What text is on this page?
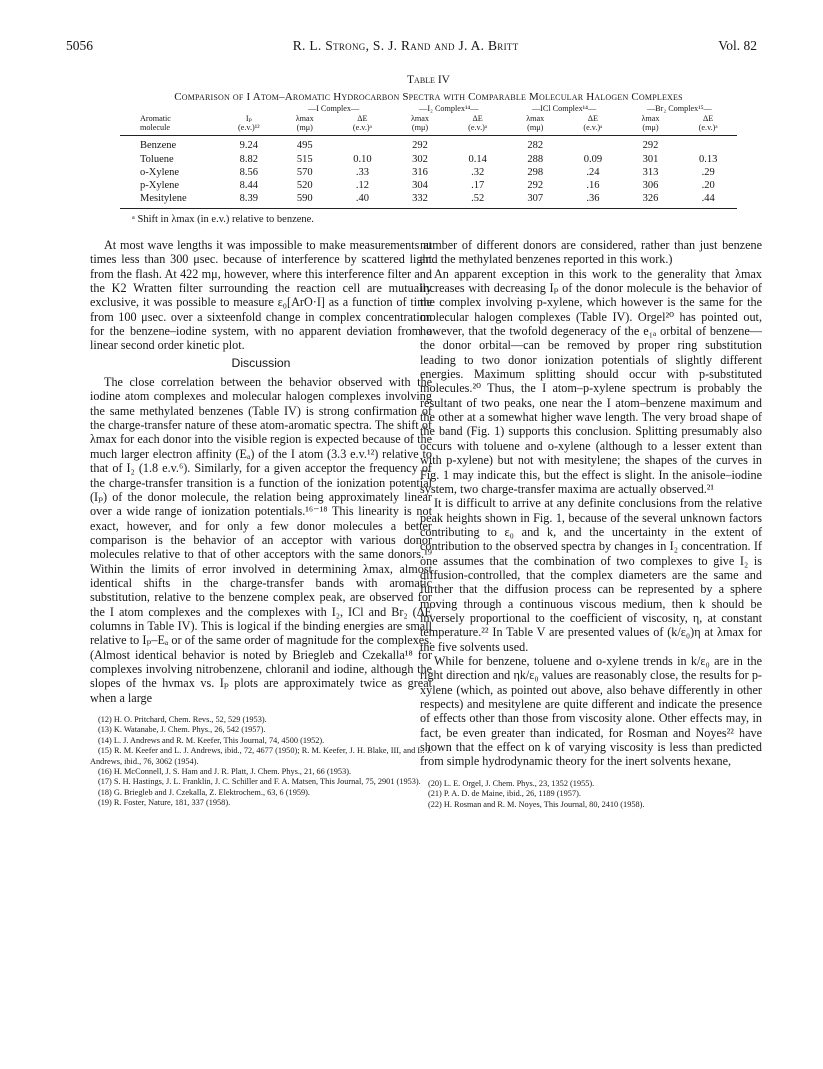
5056	R. L. Strong, S. J. Rand and J. A. Britt	Vol. 82
Table IV
Comparison of I Atom–Aromatic Hydrocarbon Spectra with Comparable Molecular Halogen Complexes
		—I Complex—		—I₂ Complex¹⁴—		—ICl Complex¹⁴—		—Br₂ Complex¹⁵—	
Aromatic	Iₚ	λmax	ΔE	λmax	ΔE	λmax	ΔE	λmax	ΔE
molecule	(e.v.)¹²	(mμ)	(e.v.)ᵃ	(mμ)	(e.v.)ᵃ	(mμ)	(e.v.)ᵃ	(mμ)	(e.v.)ᵃ
Benzene	9.24	495		292		282		292	
Toluene	8.82	515	0.10	302	0.14	288	0.09	301	0.13
o-Xylene	8.56	570	.33	316	.32	298	.24	313	.29
p-Xylene	8.44	520	.12	304	.17	292	.16	306	.20
Mesitylene	8.39	590	.40	332	.52	307	.36	326	.44
ᵃ Shift in λmax (in e.v.) relative to benzene.

At most wave lengths it was impossible to make measurements at times less than 300 μsec. because of interference by scattered light from the flash. At 422 mμ, however, where this interference filter and the K2 Wratten filter surrounding the reaction cell are mutually exclusive, it was possible to measure ε₀[ArO·I] as a function of time from 100 μsec. over a sixteenfold change in complex concentration for the benzene–iodine system, with no apparent deviation from a linear second order kinetic plot.

Discussion

The close correlation between the behavior observed with the iodine atom complexes and molecular halogen complexes involving the same methylated benzenes (Table IV) is strong confirmation of the charge-transfer nature of these atom-aromatic spectra. The shift of λmax for each donor into the visible region is expected because of the much larger electron affinity (Eₐ) of the I atom (3.3 e.v.¹²) relative to that of I₂ (1.8 e.v.⁶). Similarly, for a given acceptor the frequency of the charge-transfer transition is a function of the ionization potential (Iₚ) of the donor molecule, the relation being approximately linear over a wide range of ionization potentials.¹⁶⁻¹⁸ This linearity is not exact, however, and for only a few donor molecules a better comparison is the behavior of an acceptor with various donor molecules relative to that of other acceptors with the same donors.¹⁹ Within the limits of error involved in determining λmax, almost identical shifts in the charge-transfer bands with aromatic substitution, relative to the benzene complex peak, are observed for the I atom complexes and the complexes with I₂, ICl and Br₂ (ΔE columns in Table IV). This is logical if the binding energies are small relative to Iₚ–Eₐ or of the same order of magnitude for the complexes. (Almost identical behavior is noted by Briegleb and Czekalla¹⁸ for complexes involving nitrobenzene, chloranil and iodine, although the slopes of the hνmax vs. Iₚ plots are approximately twice as great when a large

(12) H. O. Pritchard, Chem. Revs., 52, 529 (1953).
(13) K. Watanabe, J. Chem. Phys., 26, 542 (1957).
(14) L. J. Andrews and R. M. Keefer, This Journal, 74, 4500 (1952).
(15) R. M. Keefer and L. J. Andrews, ibid., 72, 4677 (1950); R. M. Keefer, J. H. Blake, III, and L. J. Andrews, ibid., 76, 3062 (1954).
(16) H. McConnell, J. S. Ham and J. R. Platt, J. Chem. Phys., 21, 66 (1953).
(17) S. H. Hastings, J. L. Franklin, J. C. Schiller and F. A. Matsen, This Journal, 75, 2901 (1953).
(18) G. Briegleb and J. Czekalla, Z. Elektrochem., 63, 6 (1959).
(19) R. Foster, Nature, 181, 337 (1958).

number of different donors are considered, rather than just benzene and the methylated benzenes reported in this work.)

An apparent exception in this work to the generality that λmax increases with decreasing Iₚ of the donor molecule is the behavior of the complex involving p-xylene, which however is the same for the molecular halogen complexes (Table IV). Orgel²⁰ has pointed out, however, that the twofold degeneracy of the e₁ₐ orbital of benzene—the donor orbital—can be removed by proper ring substitution leading to two donor ionization potentials of slightly different energies. Maximum splitting should occur with p-substituted molecules.²⁰ Thus, the I atom–p-xylene spectrum is probably the resultant of two peaks, one near the I atom–benzene maximum and the other at a somewhat higher wave length. The very broad shape of the band (Fig. 1) supports this conclusion. Splitting presumably also occurs with toluene and o-xylene (although to a lesser extent than with p-xylene) but not with mesitylene; the shapes of the curves in Fig. 1 may indicate this, but the effect is slight. In the anisole–iodine system, two charge-transfer maxima are actually observed.²¹

It is difficult to arrive at any definite conclusions from the relative peak heights shown in Fig. 1, because of the several unknown factors contributing to ε₀ and k, and the uncertainty in the extent of contribution to the observed spectra by changes in I₂ concentration. If one assumes that the combination of two complexes to give I₂ is diffusion-controlled, that the complex diameters are the same and further that the diffusion process can be represented by a sphere moving through a continuous viscous medium, then k should be inversely proportional to the coefficient of viscosity, η, at constant temperature.²² In Table V are presented values of (k/ε₀)η at λmax for the five solvents used.

While for benzene, toluene and o-xylene trends in k/ε₀ are in the right direction and ηk/ε₀ values are reasonably close, the results for p-xylene (which, as pointed out above, also behave differently in other respects) and mesitylene are quite different and indicate the presence of effects other than those from viscosity alone. Other effects may, in fact, be even greater than indicated, for Rosman and Noyes²² have shown that the effect on k of varying viscosity is less than predicted from simple hydrodynamic theory for the inert solvents hexane,

(20) L. E. Orgel, J. Chem. Phys., 23, 1352 (1955).
(21) P. A. D. de Maine, ibid., 26, 1189 (1957).
(22) H. Rosman and R. M. Noyes, This Journal, 80, 2410 (1958).
